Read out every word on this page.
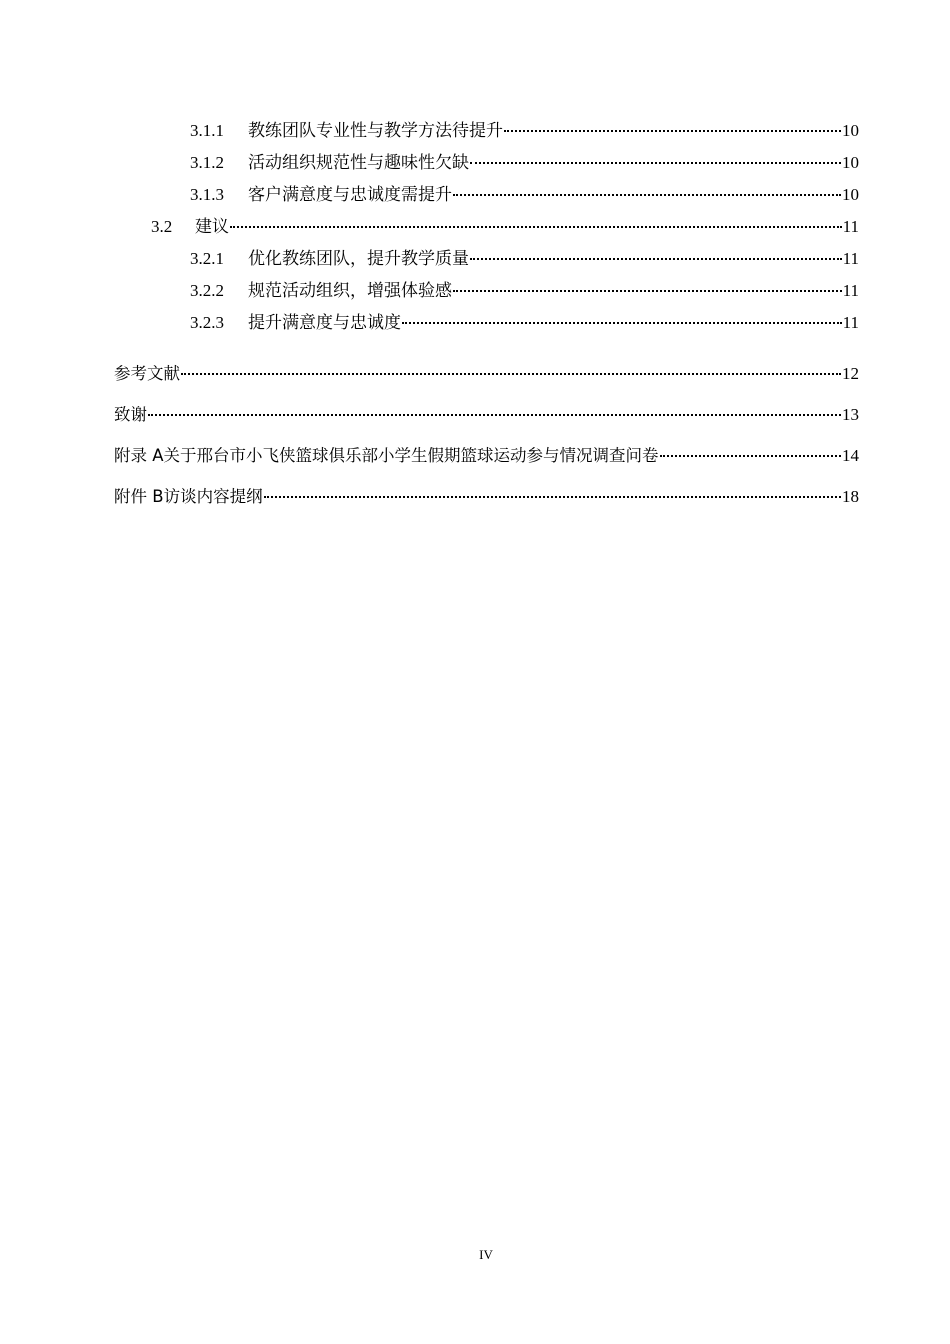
3.1.1	教练团队专业性与教学方法待提升	10
3.1.2	活动组织规范性与趣味性欠缺	10
3.1.3	客户满意度与忠诚度需提升	10
3.2	建议	11
3.2.1	优化教练团队，提升教学质量	11
3.2.2	规范活动组织，增强体验感	11
3.2.3	提升满意度与忠诚度	11
参考文献	12
致谢	13
附录 A 关于邢台市小飞侠篮球俱乐部小学生假期篮球运动参与情况调查问卷	14
附件 B 访谈内容提纲	18
IV
